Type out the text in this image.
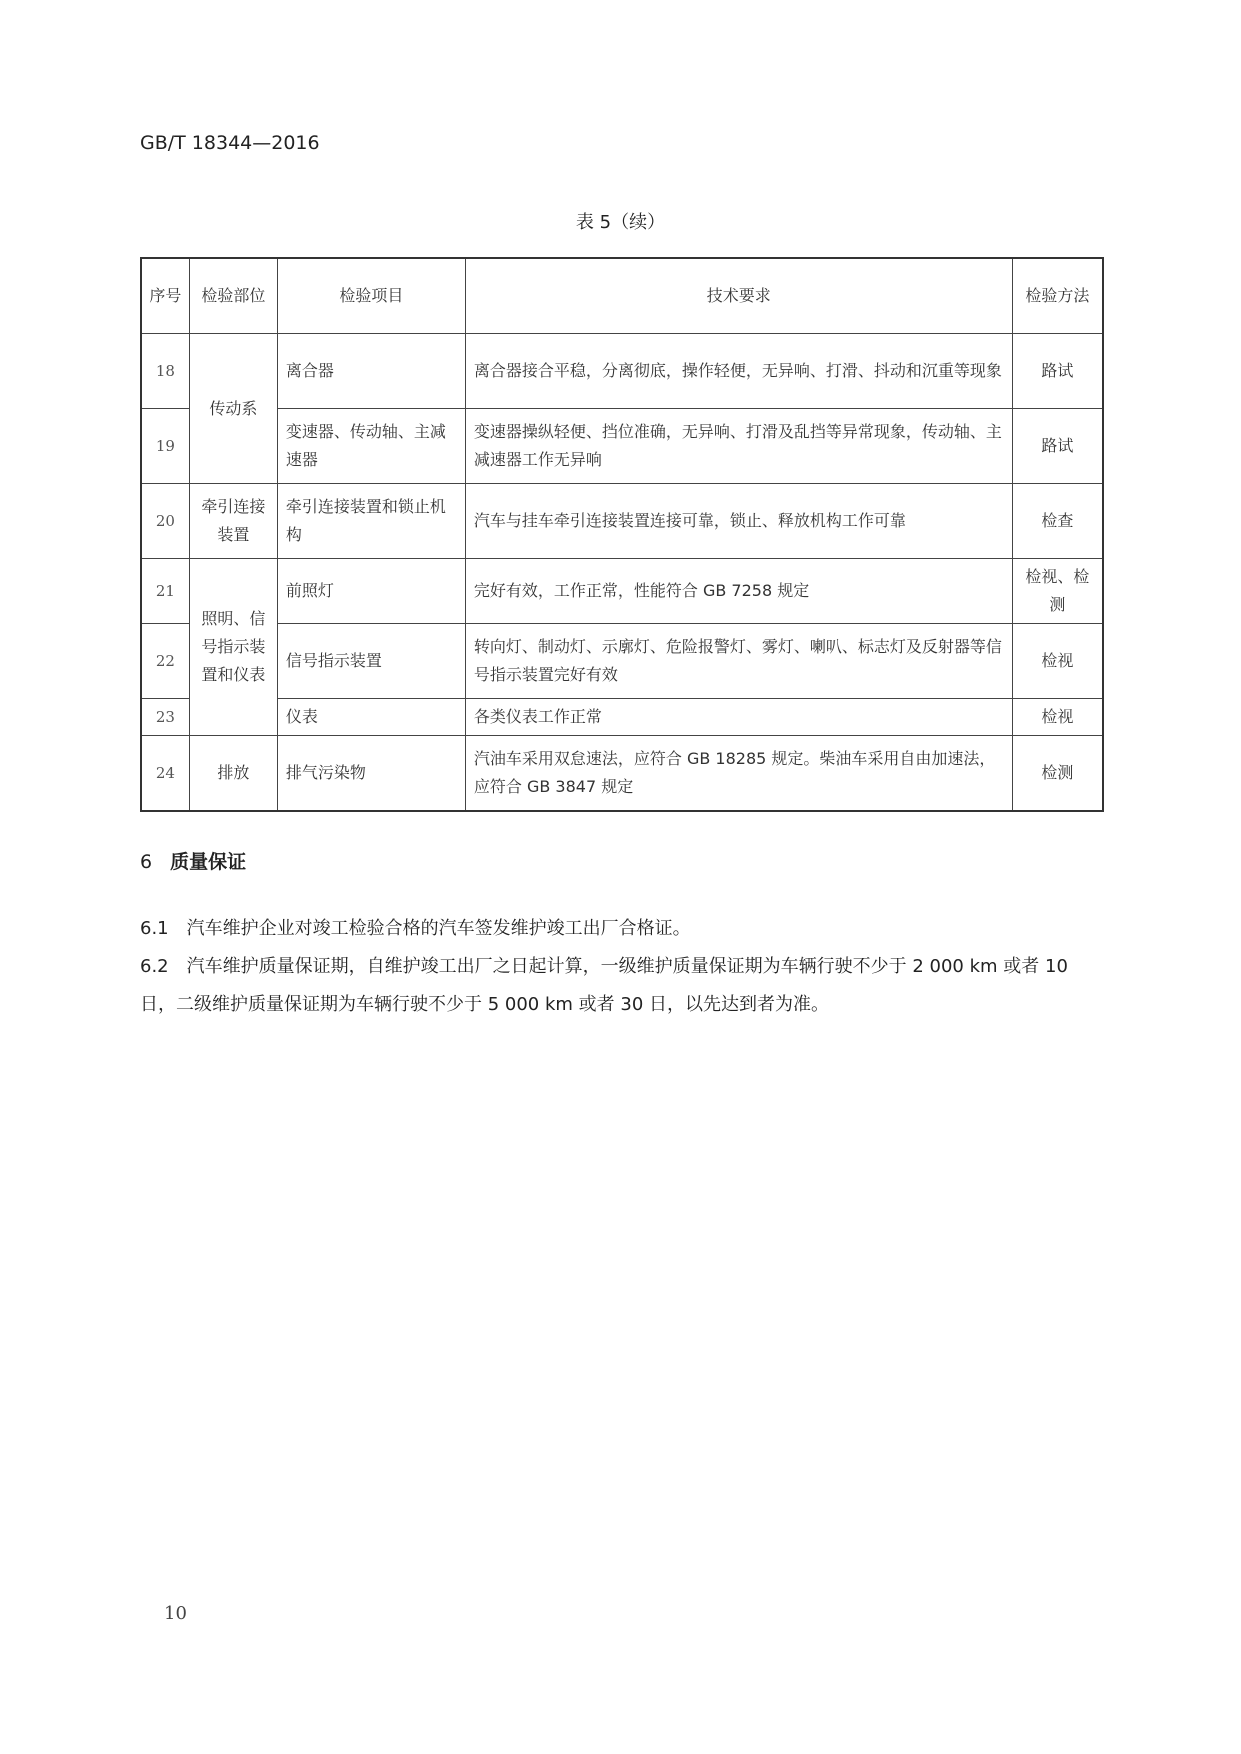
GB/T 18344—2016
表 5（续）
序号	检验部位	检验项目	技术要求	检验方法
18	传动系	离合器	离合器接合平稳，分离彻底，操作轻便，无异响、打滑、抖动和沉重等现象	路试
19		变速器、传动轴、主减速器	变速器操纵轻便、挡位准确，无异响、打滑及乱挡等异常现象，传动轴、主减速器工作无异响	路试
20	牵引连接装置	牵引连接装置和锁止机构	汽车与挂车牵引连接装置连接可靠，锁止、释放机构工作可靠	检查
21	照明、信号指示装置和仪表	前照灯	完好有效，工作正常，性能符合 GB 7258 规定	检视、检测
22		信号指示装置	转向灯、制动灯、示廓灯、危险报警灯、雾灯、喇叭、标志灯及反射器等信号指示装置完好有效	检视
23		仪表	各类仪表工作正常	检视
24	排放	排气污染物	汽油车采用双怠速法，应符合 GB 18285 规定。柴油车采用自由加速法，应符合 GB 3847 规定	检测
6 质量保证
6.1 汽车维护企业对竣工检验合格的汽车签发维护竣工出厂合格证。
6.2 汽车维护质量保证期，自维护竣工出厂之日起计算，一级维护质量保证期为车辆行驶不少于 2 000 km 或者 10 日，二级维护质量保证期为车辆行驶不少于 5 000 km 或者 30 日，以先达到者为准。
10
